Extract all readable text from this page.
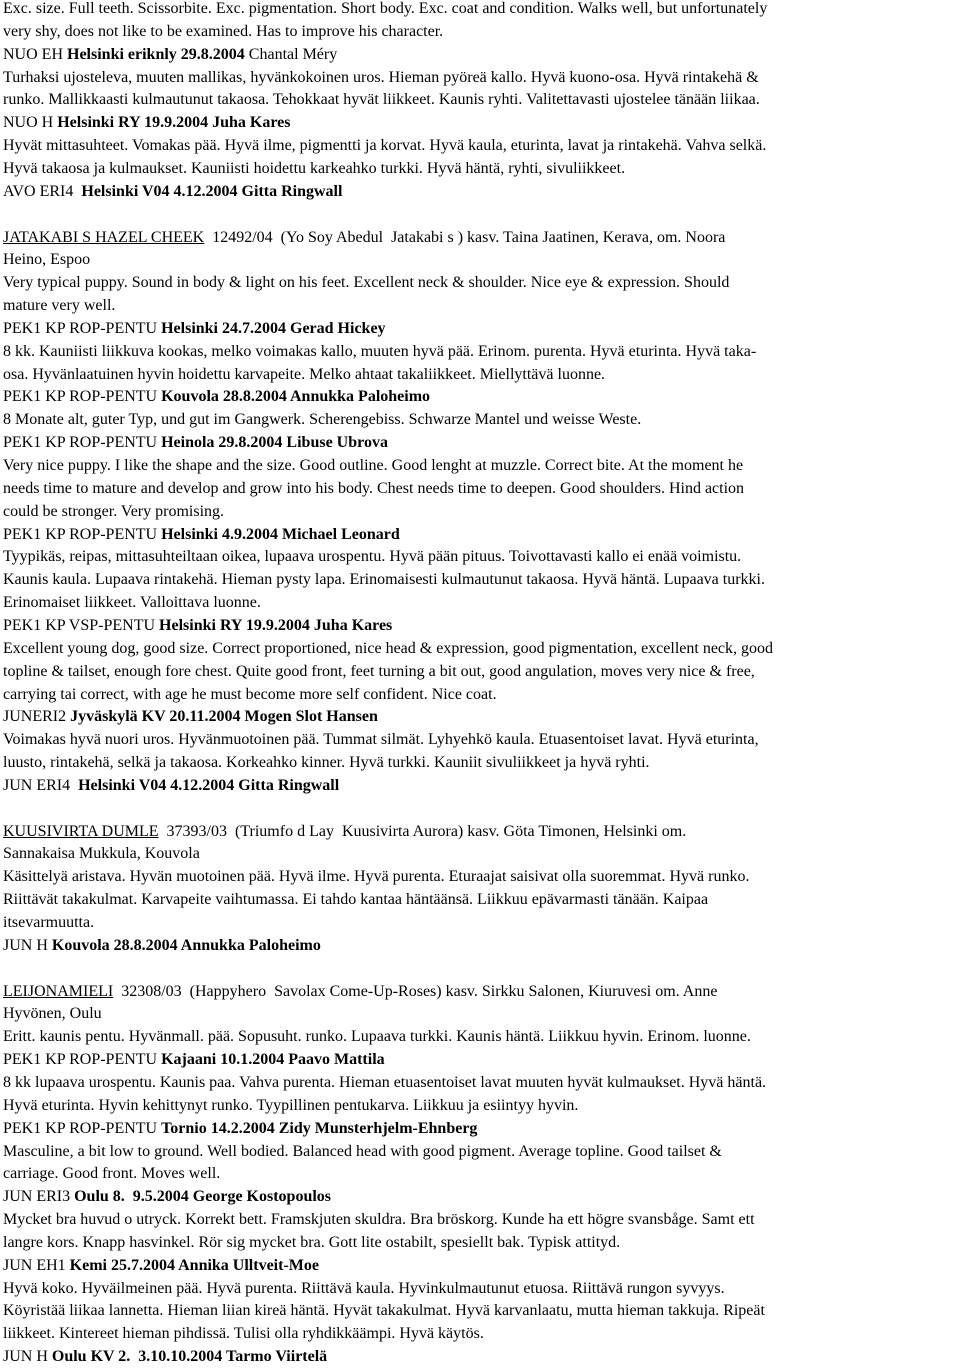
Exc. size. Full teeth. Scissorbite. Exc. pigmentation. Short body. Exc. coat and condition. Walks well, but unfortunately
very shy, does not like to be examined. Has to improve his character.
NUO EH Helsinki eriknly 29.8.2004 Chantal Méry
Turhaksi ujosteleva, muuten mallikas, hyvänkokoinen uros. Hieman pyöreä kallo. Hyvä kuono-osa. Hyvä rintakehä &
runko. Mallikkaasti kulmautunut takaosa. Tehokkaat hyvät liikkeet. Kaunis ryhti. Valitettavasti ujostelee tänään liikaa.
NUO H Helsinki RY 19.9.2004 Juha Kares
Hyvät mittasuhteet. Vomakas pää. Hyvä ilme, pigmentti ja korvat. Hyvä kaula, eturinta, lavat ja rintakehä. Vahva selkä.
Hyvä takaosa ja kulmaukset. Kauniisti hoidettu karkeahko turkki. Hyvä häntä, ryhti, sivuliikkeet.
AVO ERI4  Helsinki V04 4.12.2004 Gitta Ringwall
JATAKABI S HAZEL CHEEK  12492/04  (Yo Soy Abedul  Jatakabi s ) kasv. Taina Jaatinen, Kerava, om. Noora
Heino, Espoo
Very typical puppy. Sound in body & light on his feet. Excellent neck & shoulder. Nice eye & expression. Should
mature very well.
PEK1 KP ROP-PENTU Helsinki 24.7.2004 Gerad Hickey
8 kk. Kauniisti liikkuva kookas, melko voimakas kallo, muuten hyvä pää. Erinom. purenta. Hyvä eturinta. Hyvä taka-
osa. Hyvänlaatuinen hyvin hoidettu karvapeite. Melko ahtaat takaliikkeet. Miellyttävä luonne.
PEK1 KP ROP-PENTU Kouvola 28.8.2004 Annukka Paloheimo
8 Monate alt, guter Typ, und gut im Gangwerk. Scherengebiss. Schwarze Mantel und weisse Weste.
PEK1 KP ROP-PENTU Heinola 29.8.2004 Libuse Ubrova
Very nice puppy. I like the shape and the size. Good outline. Good lenght at muzzle. Correct bite. At the moment he
needs time to mature and develop and grow into his body. Chest needs time to deepen. Good shoulders. Hind action
could be stronger. Very promising.
PEK1 KP ROP-PENTU Helsinki 4.9.2004 Michael Leonard
Tyypikäs, reipas, mittasuhteiltaan oikea, lupaava urospentu. Hyvä pään pituus. Toivottavasti kallo ei enää voimistu.
Kaunis kaula. Lupaava rintakehä. Hieman pysty lapa. Erinomaisesti kulmautunut takaosa. Hyvä häntä. Lupaava turkki.
Erinomaiset liikkeet. Valloittava luonne.
PEK1 KP VSP-PENTU Helsinki RY 19.9.2004 Juha Kares
Excellent young dog, good size. Correct proportioned, nice head & expression, good pigmentation, excellent neck, good
topline & tailset, enough fore chest. Quite good front, feet turning a bit out, good angulation, moves very nice & free,
carrying tai correct, with age he must become more self confident. Nice coat.
JUNERI2 Jyväskylä KV 20.11.2004 Mogen Slot Hansen
Voimakas hyvä nuori uros. Hyvänmuotoinen pää. Tummat silmät. Lyhyehkö kaula. Etuasentoiset lavat. Hyvä eturinta,
luusto, rintakehä, selkä ja takaosa. Korkeahko kinner. Hyvä turkki. Kauniit sivuliikkeet ja hyvä ryhti.
JUN ERI4  Helsinki V04 4.12.2004 Gitta Ringwall
KUUSIVIRTA DUMLE  37393/03  (Triumfo d Lay  Kuusivirta Aurora) kasv. Göta Timonen, Helsinki om.
Sannakaisa Mukkula, Kouvola
Käsittelyä aristava. Hyvän muotoinen pää. Hyvä ilme. Hyvä purenta. Eturaajat saisivat olla suoremmat. Hyvä runko.
Riittävät takakulmat. Karvapeite vaihtumassa. Ei tahdo kantaa häntäänsä. Liikkuu epävarmasti tänään. Kaipaa
itsevarmuutta.
JUN H Kouvola 28.8.2004 Annukka Paloheimo
LEIJONAMIELI  32308/03  (Happyhero  Savolax Come-Up-Roses) kasv. Sirkku Salonen, Kiuruvesi om. Anne
Hyvönen, Oulu
Eritt. kaunis pentu. Hyvänmall. pää. Sopusuht. runko. Lupaava turkki. Kaunis häntä. Liikkuu hyvin. Erinom. luonne.
PEK1 KP ROP-PENTU Kajaani 10.1.2004 Paavo Mattila
8 kk lupaava urospentu. Kaunis paa. Vahva purenta. Hieman etuasentoiset lavat muuten hyvät kulmaukset. Hyvä häntä.
Hyvä eturinta. Hyvin kehittynyt runko. Tyypillinen pentukarva. Liikkuu ja esiintyy hyvin.
PEK1 KP ROP-PENTU Tornio 14.2.2004 Zidy Munsterhjelm-Ehnberg
Masculine, a bit low to ground. Well bodied. Balanced head with good pigment. Average topline. Good tailset &
carriage. Good front. Moves well.
JUN ERI3 Oulu 8.  9.5.2004 George Kostopoulos
Mycket bra huvud o utryck. Korrekt bett. Framskjuten skuldra. Bra bröskorg. Kunde ha ett högre svansbåge. Samt ett
langre kors. Knapp hasvinkel. Rör sig mycket bra. Gott lite ostabilt, spesiellt bak. Typisk attityd.
JUN EH1 Kemi 25.7.2004 Annika Ulltveit-Moe
Hyvä koko. Hyväilmeinen pää. Hyvä purenta. Riittävä kaula. Hyvinkulmautunut etuosa. Riittävä rungon syvyys.
Köyristää liikaa lannetta. Hieman liian kireä häntä. Hyvät takakulmat. Hyvä karvanlaatu, mutta hieman takkuja. Ripeät
liikkeet. Kintereet hieman pihdissä. Tulisi olla ryhdikkäämpi. Hyvä käytös.
JUN H Oulu KV 2.  3.10.10.2004 Tarmo Viirtelä
